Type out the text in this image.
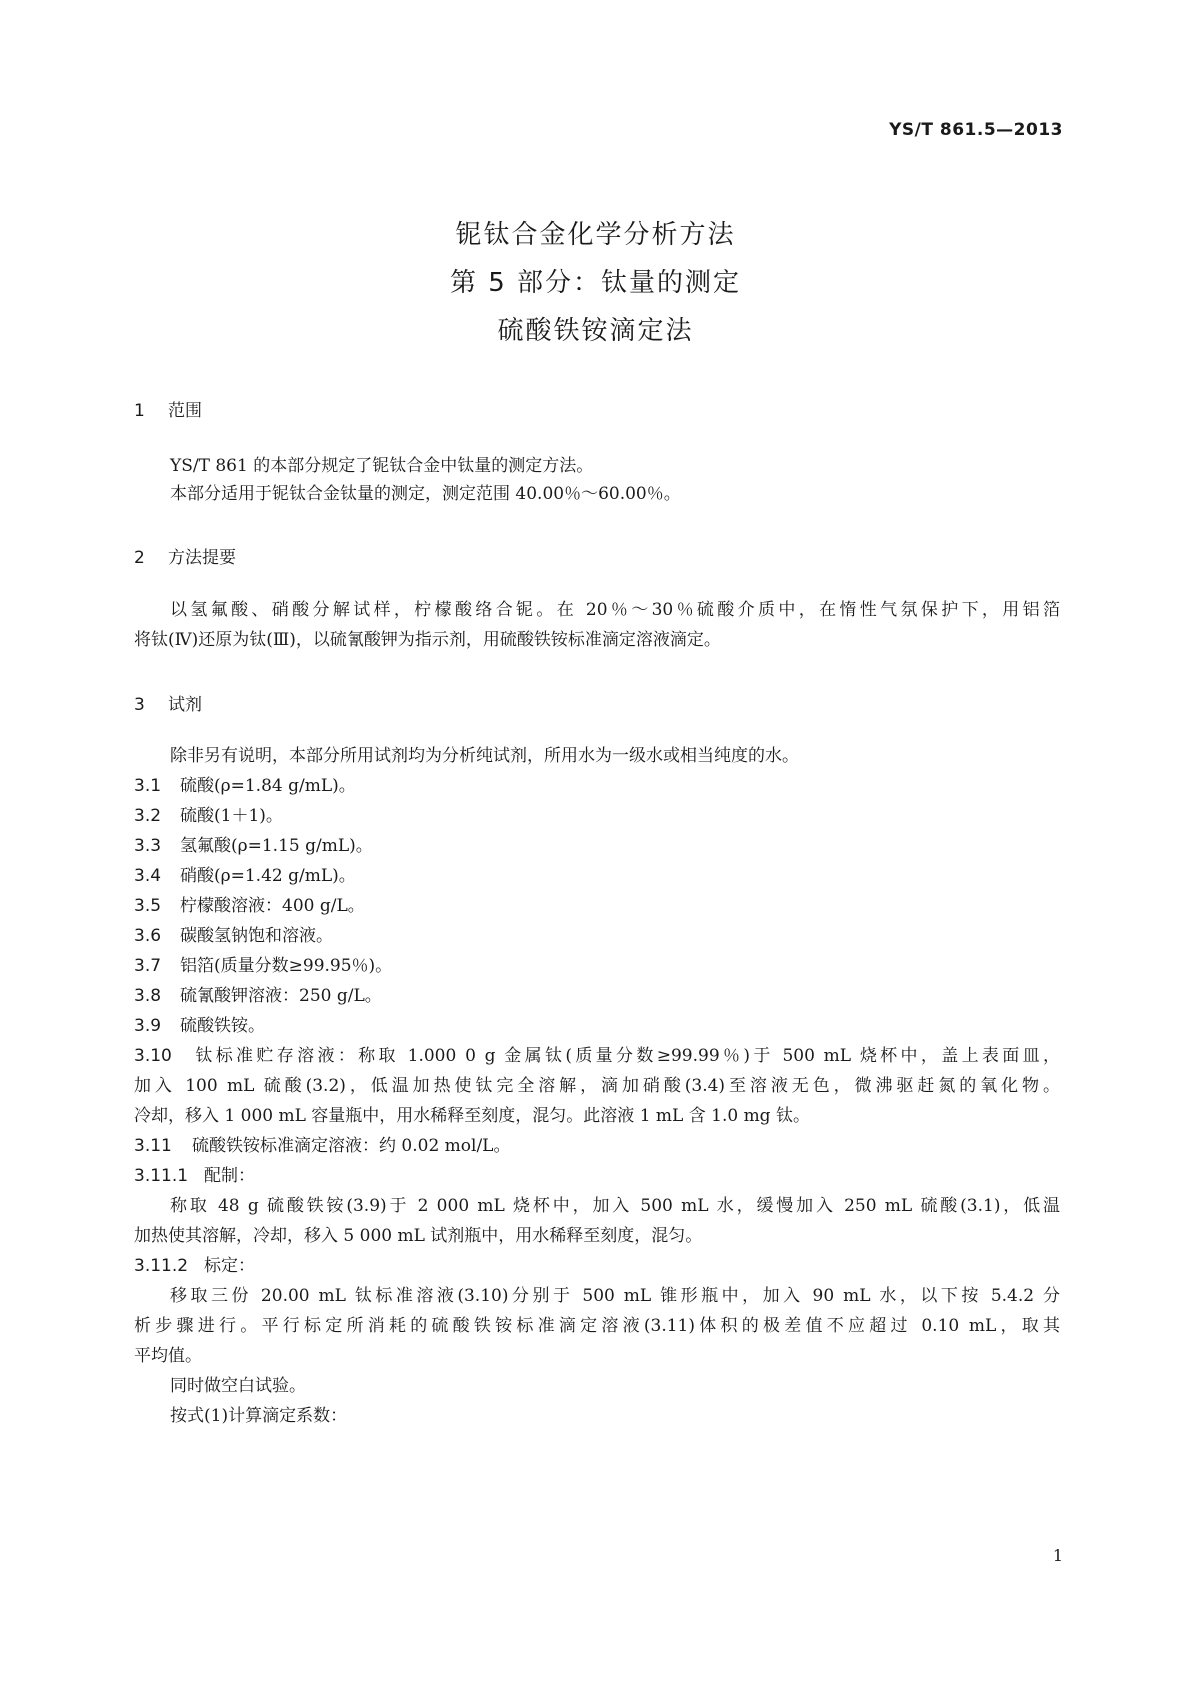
YS/T 861.5—2013
铌钛合金化学分析方法
第 5 部分：钛量的测定
硫酸铁铵滴定法
1 范围
YS/T 861 的本部分规定了铌钛合金中钛量的测定方法。
本部分适用于铌钛合金钛量的测定，测定范围 40.00％～60.00％。
2 方法提要
以氢氟酸、硝酸分解试样，柠檬酸络合铌。在 20％～30％硫酸介质中，在惰性气氛保护下，用铝箔
将钛(Ⅳ)还原为钛(Ⅲ)，以硫氰酸钾为指示剂，用硫酸铁铵标准滴定溶液滴定。
3 试剂
除非另有说明，本部分所用试剂均为分析纯试剂，所用水为一级水或相当纯度的水。
3.1 硫酸(ρ=1.84 g/mL)。
3.2 硫酸(1＋1)。
3.3 氢氟酸(ρ=1.15 g/mL)。
3.4 硝酸(ρ=1.42 g/mL)。
3.5 柠檬酸溶液：400 g/L。
3.6 碳酸氢钠饱和溶液。
3.7 铝箔(质量分数≥99.95％)。
3.8 硫氰酸钾溶液：250 g/L。
3.9 硫酸铁铵。
3.10 钛标准贮存溶液：称取 1.000 0 g 金属钛(质量分数≥99.99％)于 500 mL 烧杯中，盖上表面皿，
加入 100 mL 硫酸(3.2)，低温加热使钛完全溶解，滴加硝酸(3.4)至溶液无色，微沸驱赶氮的氧化物。
冷却，移入 1 000 mL 容量瓶中，用水稀释至刻度，混匀。此溶液 1 mL 含 1.0 mg 钛。
3.11 硫酸铁铵标准滴定溶液：约 0.02 mol/L。
3.11.1 配制：
称取 48 g 硫酸铁铵(3.9)于 2 000 mL 烧杯中，加入 500 mL 水，缓慢加入 250 mL 硫酸(3.1)，低温
加热使其溶解，冷却，移入 5 000 mL 试剂瓶中，用水稀释至刻度，混匀。
3.11.2 标定：
移取三份 20.00 mL 钛标准溶液(3.10)分别于 500 mL 锥形瓶中，加入 90 mL 水，以下按 5.4.2 分
析步骤进行。平行标定所消耗的硫酸铁铵标准滴定溶液(3.11)体积的极差值不应超过 0.10 mL，取其
平均值。
同时做空白试验。
按式(1)计算滴定系数：
1
